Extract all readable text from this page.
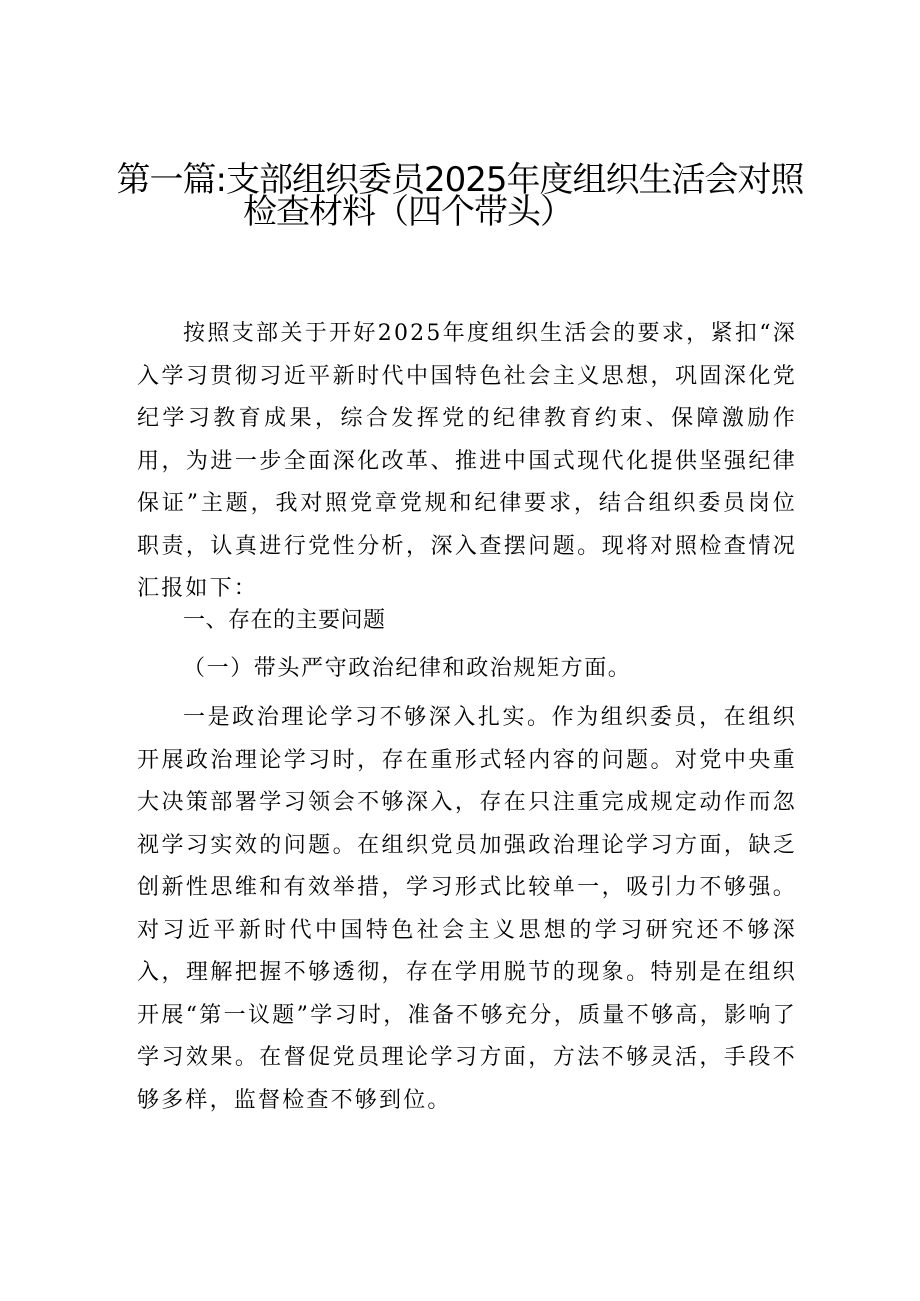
第一篇:支部组织委员2025年度组织生活会对照
检查材料（四个带头）

按照支部关于开好2025年度组织生活会的要求，紧扣“深入学习贯彻习近平新时代中国特色社会主义思想，巩固深化党纪学习教育成果，综合发挥党的纪律教育约束、保障激励作用，为进一步全面深化改革、推进中国式现代化提供坚强纪律保证”主题，我对照党章党规和纪律要求，结合组织委员岗位职责，认真进行党性分析，深入查摆问题。现将对照检查情况汇报如下：

一、存在的主要问题
（一）带头严守政治纪律和政治规矩方面。

一是政治理论学习不够深入扎实。作为组织委员，在组织开展政治理论学习时，存在重形式轻内容的问题。对党中央重大决策部署学习领会不够深入，存在只注重完成规定动作而忽视学习实效的问题。在组织党员加强政治理论学习方面，缺乏创新性思维和有效举措，学习形式比较单一，吸引力不够强。对习近平新时代中国特色社会主义思想的学习研究还不够深入，理解把握不够透彻，存在学用脱节的现象。特别是在组织开展“第一议题”学习时，准备不够充分，质量不够高，影响了学习效果。在督促党员理论学习方面，方法不够灵活，手段不够多样，监督检查不够到位。
